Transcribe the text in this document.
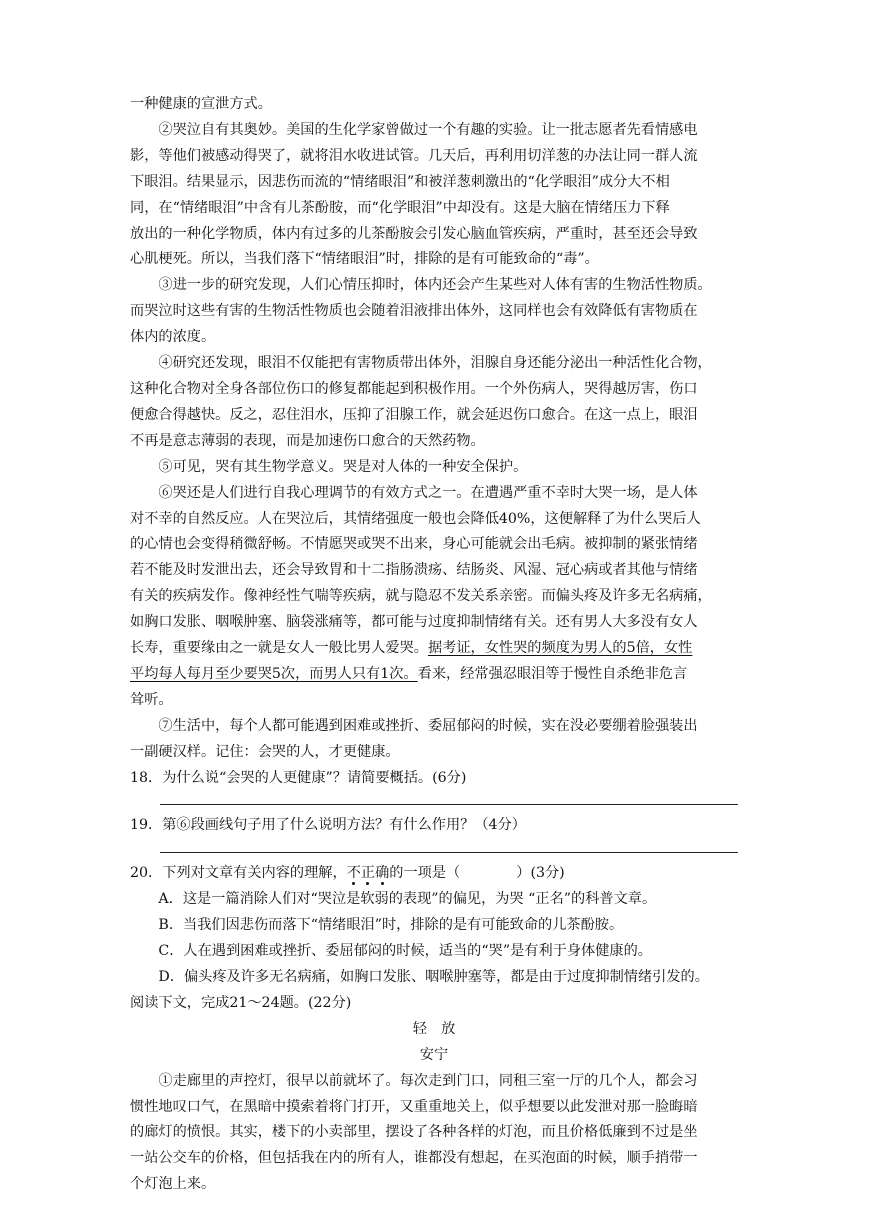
一种健康的宣泄方式。

②哭泣自有其奥妙。美国的生化学家曾做过一个有趣的实验。让一批志愿者先看情感电
影，等他们被感动得哭了，就将泪水收进试管。几天后，再利用切洋葱的办法让同一群人流
下眼泪。结果显示，因悲伤而流的“情绪眼泪”和被洋葱刺激出的“化学眼泪”成分大不相
同，在“情绪眼泪”中含有儿茶酚胺，而“化学眼泪”中却没有。这是大脑在情绪压力下释
放出的一种化学物质，体内有过多的儿茶酚胺会引发心脑血管疾病，严重时，甚至还会导致
心肌梗死。所以，当我们落下“情绪眼泪”时，排除的是有可能致命的“毒”。

③进一步的研究发现，人们心情压抑时，体内还会产生某些对人体有害的生物活性物质。
而哭泣时这些有害的生物活性物质也会随着泪液排出体外，这同样也会有效降低有害物质在
体内的浓度。

④研究还发现，眼泪不仅能把有害物质带出体外，泪腺自身还能分泌出一种活性化合物，
这种化合物对全身各部位伤口的修复都能起到积极作用。一个外伤病人，哭得越厉害，伤口
便愈合得越快。反之，忍住泪水，压抑了泪腺工作，就会延迟伤口愈合。在这一点上，眼泪
不再是意志薄弱的表现，而是加速伤口愈合的天然药物。

⑤可见，哭有其生物学意义。哭是对人体的一种安全保护。

⑥哭还是人们进行自我心理调节的有效方式之一。在遭遇严重不幸时大哭一场，是人体
对不幸的自然反应。人在哭泣后，其情绪强度一般也会降低40%，这便解释了为什么哭后人
的心情也会变得稍微舒畅。不情愿哭或哭不出来，身心可能就会出毛病。被抑制的紧张情绪
若不能及时发泄出去，还会导致胃和十二指肠溃疡、结肠炎、风湿、冠心病或者其他与情绪
有关的疾病发作。像神经性气喘等疾病，就与隐忍不发关系亲密。而偏头疼及许多无名病痛，
如胸口发胀、咽喉肿塞、脑袋涨痛等，都可能与过度抑制情绪有关。还有男人大多没有女人
长寿，重要缘由之一就是女人一般比男人爱哭。据考证，女性哭的频度为男人的5倍，女性
平均每人每月至少要哭5次，而男人只有1次。看来，经常强忍眼泪等于慢性自杀绝非危言
耸听。

⑦生活中，每个人都可能遇到困难或挫折、委屈郁闷的时候，实在没必要绷着脸强装出
一副硬汉样。记住：会哭的人，才更健康。

18．为什么说“会哭的人更健康”？请简要概括。(6分)

19．第⑥段画线句子用了什么说明方法？有什么作用？（4分）

20．下列对文章有关内容的理解，不正确的一项是（	）(3分)
A．这是一篇消除人们对“哭泣是软弱的表现”的偏见，为哭 “正名”的科普文章。
B．当我们因悲伤而落下“情绪眼泪”时，排除的是有可能致命的儿茶酚胺。
C．人在遇到困难或挫折、委屈郁闷的时候，适当的“哭”是有利于身体健康的。
D．偏头疼及许多无名病痛，如胸口发胀、咽喉肿塞等，都是由于过度抑制情绪引发的。

阅读下文，完成21～24题。(22分)

轻　放

安宁

①走廊里的声控灯，很早以前就坏了。每次走到门口，同租三室一厅的几个人，都会习
惯性地叹口气，在黑暗中摸索着将门打开，又重重地关上，似乎想要以此发泄对那一脸晦暗
的廊灯的愤恨。其实，楼下的小卖部里，摆设了各种各样的灯泡，而且价格低廉到不过是坐
一站公交车的价格，但包括我在内的所有人，谁都没有想起，在买泡面的时候，顺手捎带一
个灯泡上来。
